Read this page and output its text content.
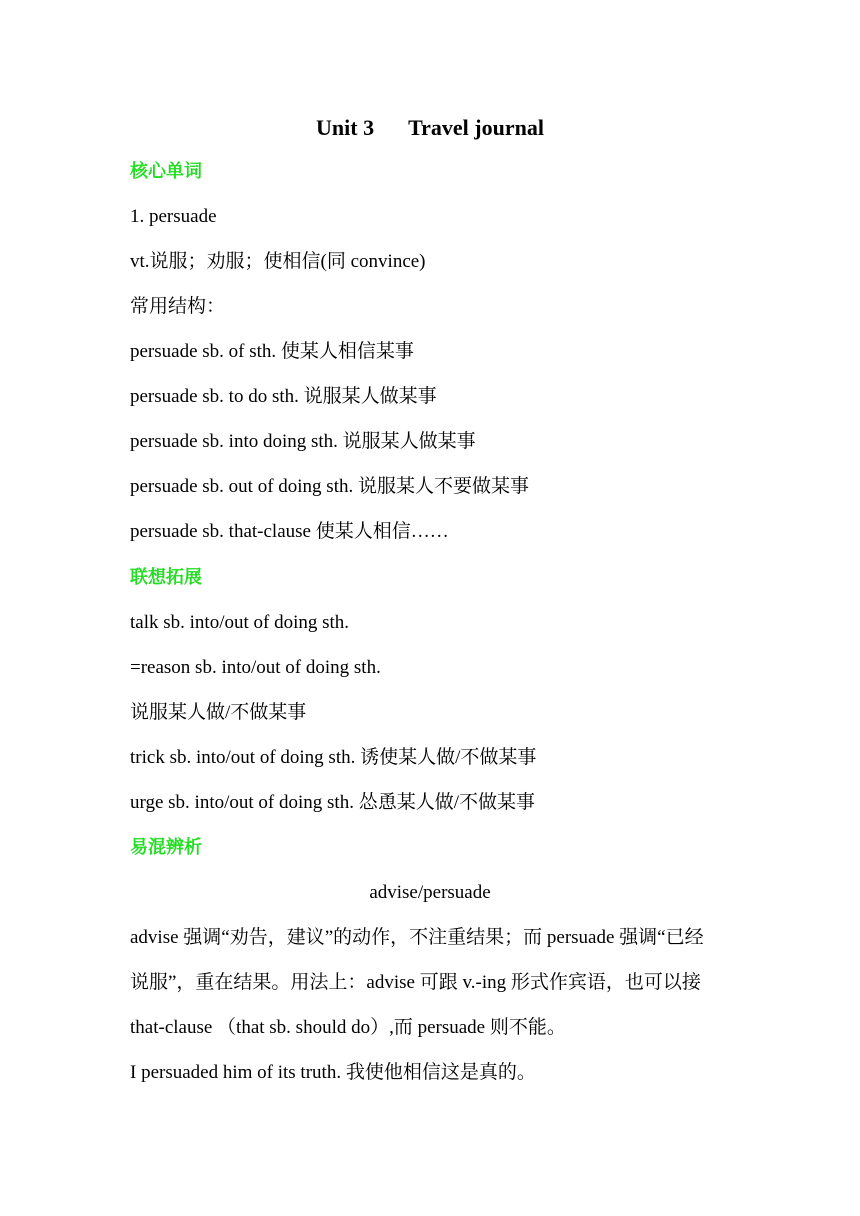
Unit 3 Travel journal
核心单词
1. persuade
vt.说服；劝服；使相信(同 convince)
常用结构：
persuade sb. of sth. 使某人相信某事
persuade sb. to do sth. 说服某人做某事
persuade sb. into doing sth. 说服某人做某事
persuade sb. out of doing sth. 说服某人不要做某事
persuade sb. that-clause 使某人相信……
联想拓展
talk sb. into/out of doing sth.
=reason sb. into/out of doing sth.
说服某人做/不做某事
trick sb. into/out of doing sth. 诱使某人做/不做某事
urge sb. into/out of doing sth. 怂恿某人做/不做某事
易混辨析
advise/persuade
advise 强调“劝告，建议”的动作，不注重结果；而 persuade 强调“已经
说服”，重在结果。用法上：advise 可跟 v.-ing 形式作宾语，也可以接
that-clause （that sb. should do）,而 persuade 则不能。
I persuaded him of its truth. 我使他相信这是真的。
